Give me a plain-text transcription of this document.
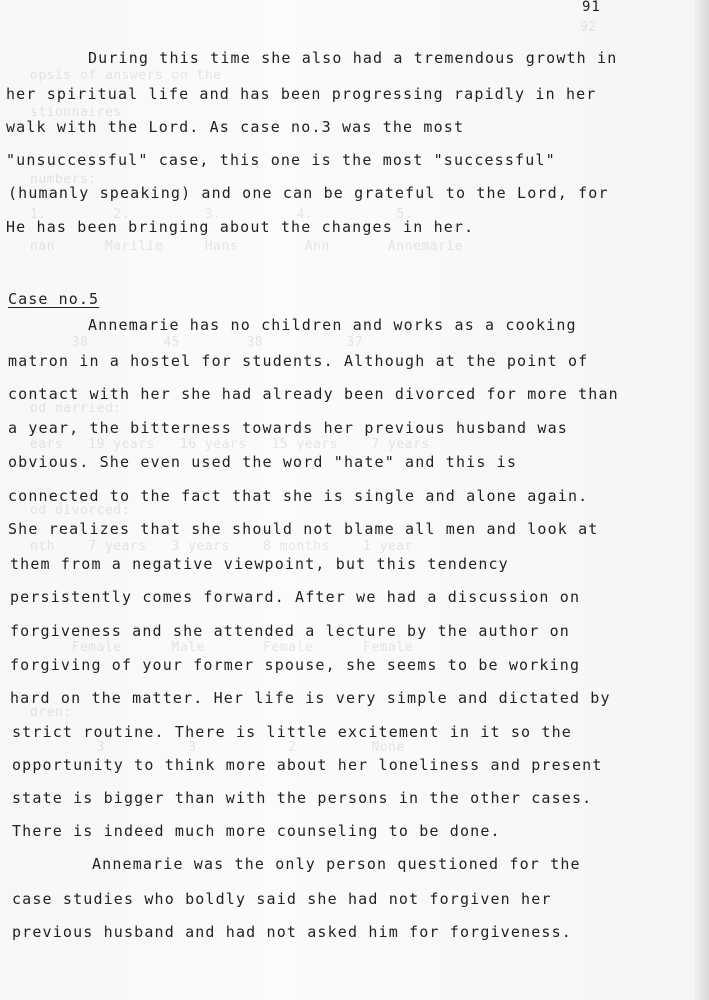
92
opsis of answers on the
stionnaires
numbers:
1.        2.         3.         4.          5.
nan      Marilie     Hans        Ann       Annemarie
38         45        38          37
od married:
ears   19 years   16 years   15 years    7 years
od divorced:
nth    7 years   3 years    8 months    1 year
Female      Male       Female      Female
dren:
3          3           2         None
91
During this time she also had a tremendous growth in
her spiritual life and has been progressing rapidly in her
walk with the Lord. As case no.3 was the most
"unsuccessful" case, this one is the most "successful"
(humanly speaking) and one can be grateful to the Lord, for
He has been bringing about the changes in her.
Case no.5
Annemarie has no children and works as a cooking
matron in a hostel for students. Although at the point of
contact with her she had already been divorced for more than
a year, the bitterness towards her previous husband was
obvious. She even used the word "hate" and this is
connected to the fact that she is single and alone again.
She realizes that she should not blame all men and look at
them from a negative viewpoint, but this tendency
persistently comes forward. After we had a discussion on
forgiveness and she attended a lecture by the author on
forgiving of your former spouse, she seems to be working
hard on the matter. Her life is very simple and dictated by
strict routine. There is little excitement in it so the
opportunity to think more about her loneliness and present
state is bigger than with the persons in the other cases.
There is indeed much more counseling to be done.
Annemarie was the only person questioned for the
case studies who boldly said she had not forgiven her
previous husband and had not asked him for forgiveness.
